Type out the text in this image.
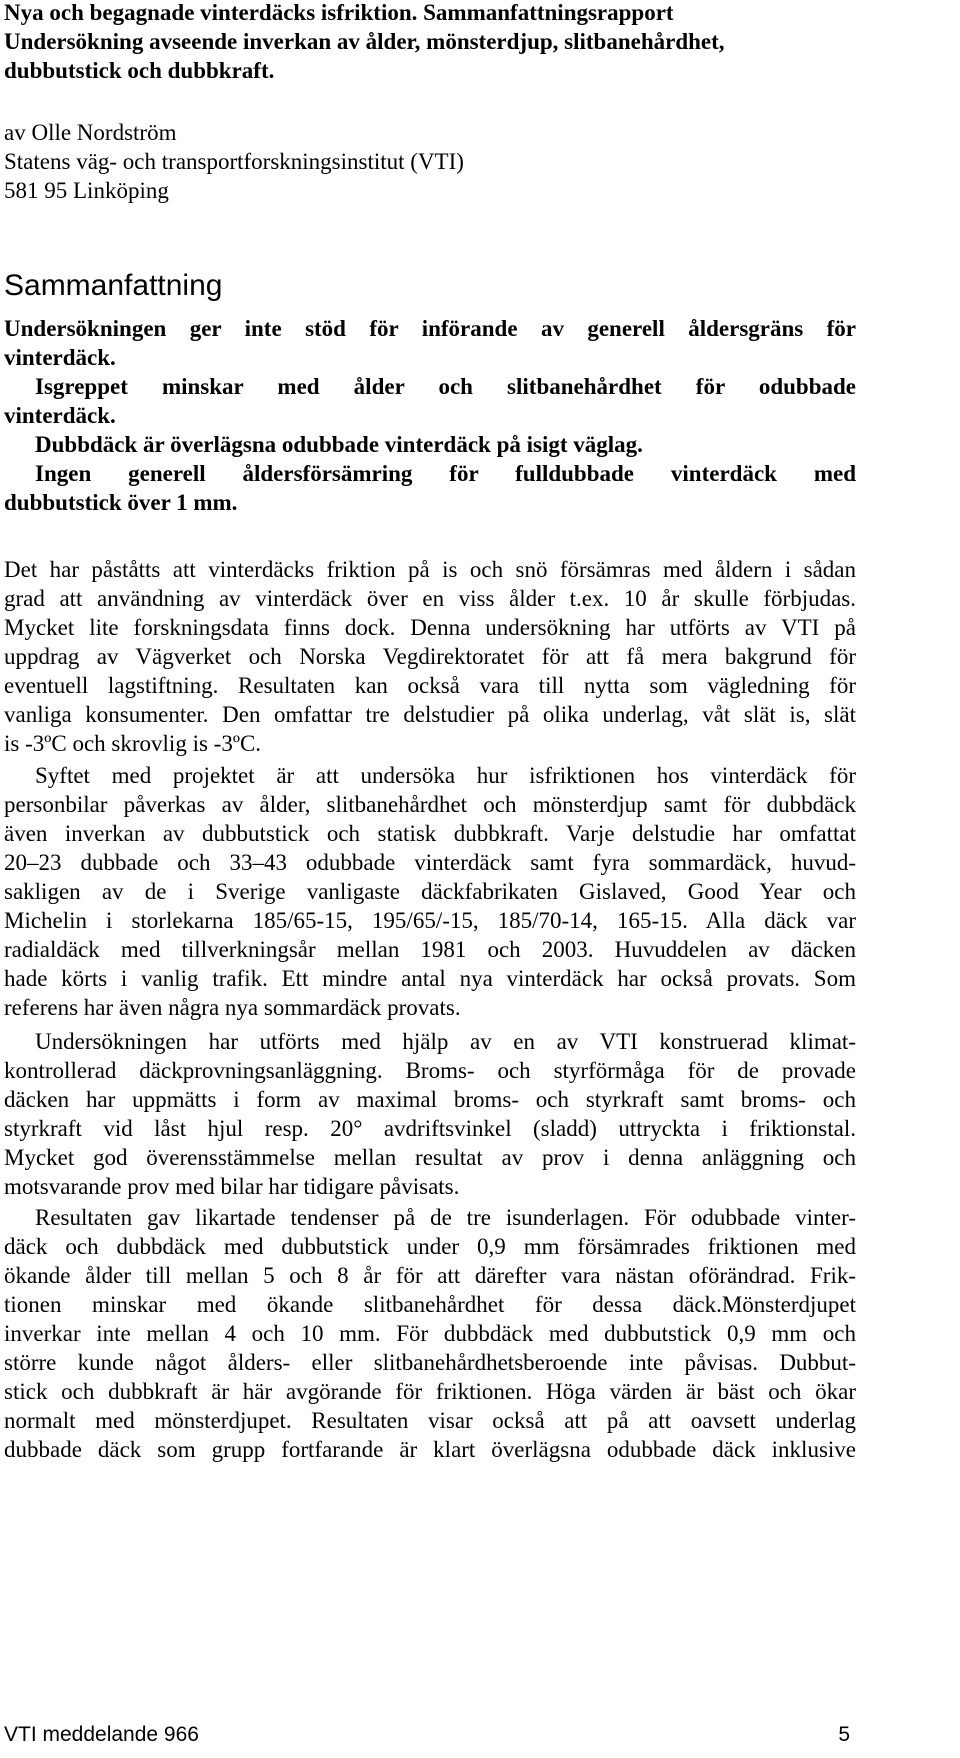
Nya och begagnade vinterdäcks isfriktion. Sammanfattningsrapport
Undersökning avseende inverkan av ålder, mönsterdjup, slitbanehårdhet,
dubbutstick och dubbkraft.
av Olle Nordström
Statens väg- och transportforskningsinstitut (VTI)
581 95 Linköping
Sammanfattning
Undersökningen ger inte stöd för införande av generell åldersgräns för
vinterdäck.
Isgreppet minskar med ålder och slitbanehårdhet för odubbade
vinterdäck.
Dubbdäck är överlägsna odubbade vinterdäck på isigt väglag.
Ingen generell åldersförsämring för fulldubbade vinterdäck med
dubbutstick över 1 mm.
Det har påståtts att vinterdäcks friktion på is och snö försämras med åldern i sådan
grad att användning av vinterdäck över en viss ålder t.ex. 10 år skulle förbjudas.
Mycket lite forskningsdata finns dock. Denna undersökning har utförts av VTI på
uppdrag av Vägverket och Norska Vegdirektoratet för att få mera bakgrund för
eventuell lagstiftning. Resultaten kan också vara till nytta som vägledning för
vanliga konsumenter. Den omfattar tre delstudier på olika underlag, våt slät is, slät
is -3ºC och skrovlig is -3ºC.
Syftet med projektet är att undersöka hur isfriktionen hos vinterdäck för
personbilar påverkas av ålder, slitbanehårdhet och mönsterdjup samt för dubbdäck
även inverkan av dubbutstick och statisk dubbkraft. Varje delstudie har omfattat
20–23 dubbade och 33–43 odubbade vinterdäck samt fyra sommardäck, huvud-
sakligen av de i Sverige vanligaste däckfabrikaten Gislaved, Good Year och
Michelin i storlekarna 185/65-15, 195/65/-15, 185/70-14, 165-15. Alla däck var
radialdäck med tillverkningsår mellan 1981 och 2003. Huvuddelen av däcken
hade körts i vanlig trafik. Ett mindre antal nya vinterdäck har också provats. Som
referens har även några nya sommardäck provats.
Undersökningen har utförts med hjälp av en av VTI konstruerad klimat-
kontrollerad däckprovningsanläggning. Broms- och styrförmåga för de provade
däcken har uppmätts i form av maximal broms- och styrkraft samt broms- och
styrkraft vid låst hjul resp. 20° avdriftsvinkel (sladd) uttryckta i friktionstal.
Mycket god överensstämmelse mellan resultat av prov i denna anläggning och
motsvarande prov med bilar har tidigare påvisats.
Resultaten gav likartade tendenser på de tre isunderlagen. För odubbade vinter-
däck och dubbdäck med dubbutstick under 0,9 mm försämrades friktionen med
ökande ålder till mellan 5 och 8 år för att därefter vara nästan oförändrad. Frik-
tionen minskar med ökande slitbanehårdhet för dessa däck.Mönsterdjupet
inverkar inte mellan 4 och 10 mm. För dubbdäck med dubbutstick 0,9 mm och
större kunde något ålders- eller slitbanehårdhetsberoende inte påvisas. Dubbut-
stick och dubbkraft är här avgörande för friktionen. Höga värden är bäst och ökar
normalt med mönsterdjupet. Resultaten visar också att på att oavsett underlag
dubbade däck som grupp fortfarande är klart överlägsna odubbade däck inklusive
VTI meddelande 966	5
